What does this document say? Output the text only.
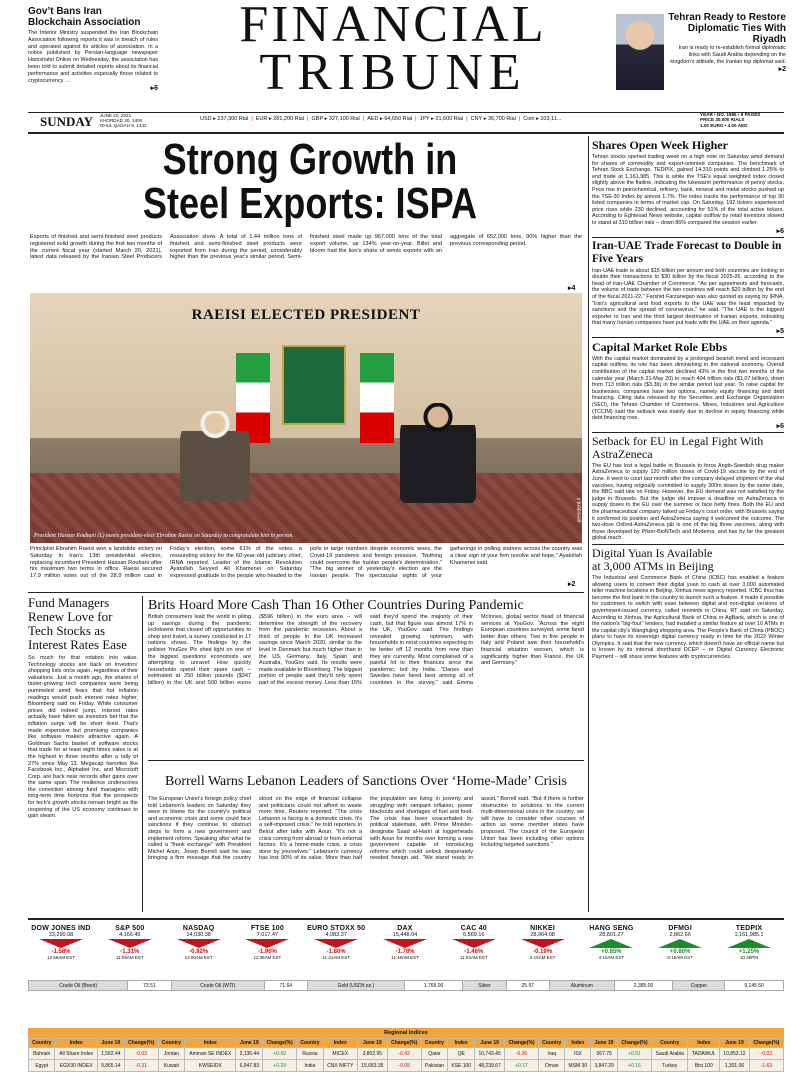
Gov’t Bans Iran Blockchain Association
The Interior Ministry suspended the Iran Blockchain Association following reports it was in breach of rules and operated against its articles of association. In a notice published by Persian-language newspaper Hamshahri Online on Wednesday, the association has been told to submit detailed reports about its financial performance and activities especially those related to cryptocurrency ...
▸6
FINANCIAL
TRIBUNE
Tehran Ready to Restore Diplomatic Ties With Riyadh
Iran is ready to re-establish formal diplomatic links with Saudi Arabia depending on the kingdom’s attitude, the Iranian top diplomat said.
▸2
SUNDAY JUNE 20, 2021
KHORDAD 30, 1400
DHUL QADAH 9, 1442
USD ▸ 237,300 Rial | EUR ▸ 281,200 Rial | GBP ▸ 327,100 Rial | AED ▸ 64,650 Rial | JPY ▸ 21,600 Rial | CNY ▸ 36,700 Rial | Coin ▸ 103,11...
YEAR • NO. 1986 • 8 PAGES
PRICE 30,000 RIALS
1.00 EURO • 4.00 AED
Strong Growth in
Steel Exports: ISPA
Exports of finished and semi-finished steel products registered solid growth during the first two months of the current fiscal year (started March 20, 2021), latest data released by the Iranian Steel Producers Association show. A total of 1.44 million tons of finished and semi-finished steel products were exported from Iran during the period, considerably higher than the previous year's similar period. Semi-finished steel made up 967,000 tons of the total export volume, up 134% year-on-year. Billet and bloom had the lion's share of semis exports with an aggregate of 652,000 tons, 90% higher than the previous corresponding period.
▸4
RAEISI ELECTED PRESIDENT
President Hassan Rouhani (L) meets president-elect Ebrahim Raeisi on Saturday to congratulate him in person.
president.ir
Principlist Ebrahim Raeisi won a landslide victory on Saturday in Iran's 13th presidential election, replacing incumbent President Hassan Rouhani after his maximum two terms in office. Raeisi secured 17.9 million votes out of the 28.9 million cast in Friday's election, some 61% of the votes, a resounding victory for the 60-year-old judiciary chief, IRNA reported. Leader of the Islamic Revolution Ayatollah Seyyed Ali Khamenei on Saturday expressed gratitude to the people who headed to the polls in large numbers despite economic woes, the Covid-19 pandemic and foreign pressure. "Nothing could overcome the Iranian people's determination." "The big winner of yesterday's election are the Iranian people. The spectacular sights of your gatherings in polling stations across the country was a clear sign of your firm resolve and hope," Ayatollah Khamenei said.
▸2
Fund Managers Renew Love for Tech Stocks as Interest Rates Ease
So much for that rotation into value. Technology stocks are back on investors' shopping lists once again, regardless of their valuations. Just a month ago, the shares of faster-growing tech companies were being pummeled amid fears that hot inflation readings would push interest rates higher, Bloomberg said on Friday. While consumer prices did indeed jump, interest rates actually have fallen as investors bet that the inflation surge will be short lived. That's made expensive but promising companies like software makers attractive again. A Goldman Sachs basket of software stocks that trade for at least eight times sales is at the highest in three months after a rally of 27% since May 13. Megacap favorites like Facebook Inc., Alphabet Inc. and Microsoft Corp. are back near records after gains over the same span. The resilience underscores the conviction among fund managers with long-term time horizons that the prospects for tech's growth stocks remain bright as the reopening of the US economy continues to gain steam.
Brits Hoard More Cash Than 16 Other Countries During Pandemic
British consumers lead the world in piling up savings during the pandemic lockdowns that closed off opportunities to shop and travel, a survey conducted in 17 nations shows. The findings by the pollster YouGov Plc shed light on one of the biggest questions economists are attempting to unravel: How quickly households spend their spare cash -- estimated at 250 billion pounds ($347 billion) in the UK and 500 billion euros ($596 billion) in the euro area -- will determine the strength of the recovery from the pandemic recession. About a third of people in the UK increased savings since March 2020, similar to the level in Denmark but much higher than in the US, Germany, Italy, Spain and Australia, YouGov said. Its results were made available to Bloomberg. The biggest portion of people said they'd only spent part of the excess money. Less than 15% said they'd spend the majority of their cash, but that figure was almost 17% in the UK, YouGov said. The findings revealed growing optimism, with households in most countries expecting to be better off 12 months from now than they are currently. Most complained of a painful hit to their finances since the pandemic, led by India. "Danes and Swedes have fared best among all of countries in the survey," said Emma McInnes, global sector head of financial services at YouGov. "Across the eight European countries surveyed, some fared better than others. Two in five people in Italy and Poland saw their household's financial situation worsen, which is significantly higher than France, the UK and Germany."
Borrell Warns Lebanon Leaders of Sanctions Over ‘Home-Made’ Crisis
The European Union's foreign policy chief told Lebanon's leaders on Saturday they were to blame for the country's political and economic crisis and some could face sanctions if they continue to obstruct steps to form a new government and implement reform. Speaking after what he called a "frank exchange" with President Michel Aoun, Josep Borrell said he was bringing a firm message that the country stood on the edge of financial collapse and politicians could not afford to waste more time, Reuters reported. "The crisis Lebanon is facing is a domestic crisis. It's a self-imposed crisis," he told reporters in Beirut after talks with Aoun. "It's not a crisis coming from abroad or from external factors. It's a home-made crisis, a crisis done by yourselves." Lebanon's currency has lost 90% of its value. More than half the population are living in poverty and struggling with rampant inflation, power blackouts and shortages of fuel and food. The crisis has been exacerbated by political stalemate, with Prime Minister-designate Saad al-Hariri at loggerheads with Aoun for months over forming a new government capable of introducing reforms which could unlock desperately needed foreign aid. "We stand ready to assist," Borrell said. "But if there is further obstruction to solutions to the current multi-dimensional crisis in the country, we will have to consider other courses of action as some member states have proposed. The council of the European Union has been including other options including targeted sanctions."
Shares Open Week Higher
Tehran stocks opened trading week on a high note on Saturday amid demand for shares of commodity and export-oriented companies. The benchmark of Tehran Stock Exchange, TEDPIX, gained 14,310 points and climbed 1.25% to end trade at 1,161,985. This is while the TSE's equal weighted index closed slightly above the flatline, indicating the lukewarm performance of penny stocks. Price rise in petrochemical, refinery, bank, mineral and metal stocks pushed up the TSE-30 Index by almost 1.7%. The index tracks the performance of top 30 listed companies in terms of market cap. On Saturday, 192 tickers experienced price rises while 230 declined, accounting for 51% of the total active tickers. According to Eghtesad News website, capital outflow by retail investors slowed to stand at 310 billion rials -- down 86% compared the session earlier.
▸6
Iran-UAE Trade Forecast to Double in Five Years
Iran-UAE trade is about $15 billion per annum and both countries are looking to double their transactions to $30 billion by the fiscal 2025-26, according to the head of Iran-UAE Chamber of Commerce. "As per agreements and forecasts, the volume of trade between the two countries will reach $20 billion by the end of the fiscal 2021-22," Farshid Farzanegan was also quoted as saying by IRNA. "Iran's agricultural and food exports to the UAE was the least impacted by sanctions and the spread of coronavirus," he said. "The UAE is the biggest exporter to Iran and the third largest destination of Iranian exports, indicating that many Iranian companies have put trade with the UAE on their agenda."
▸5
Capital Market Role Ebbs
With the capital market dominated by a prolonged bearish trend and incessant capital outflow, its role has been diminishing in the national economy. Overall contribution of the capital market declined 43% in the first two months of the calendar year (March 21-May 20) to reach 404 trillion rials ($1.07 billion), down from 713 trillion rials ($3.3b) in the similar period last year. To raise capital for businesses, companies have two options, namely equity financing and debt financing. Citing data released by the Securities and Exchange Organization (SEO), the Tehran Chamber of Commerce, Mines, Industries and Agriculture (TCCIM) said the setback was mainly due to decline in equity financing while debt financing rose.
▸6
Setback for EU in Legal Fight With AstraZeneca
The EU has lost a legal battle in Brussels to force Anglo-Swedish drug maker AstraZeneca to supply 120 million doses of Covid-19 vaccine by the end of June. It went to court last month after the company delayed shipment of the vital vaccines, having originally committed to supply 300m doses by the same date, the BBC said late on Friday. However, the EU demand was not satisfied by the judge in Brussels. But the judge did impose a deadline on AstraZeneca to supply doses to the EU over the summer or face hefty fines. Both the EU and the pharmaceutical company talked up Friday's court order, with Brussels saying it confirmed its position and AstraZeneca saying it welcomed the outcome. The two-dose Oxford-AstraZeneca jab is one of the big three vaccines, along with those developed by Pfizer-BioNTech and Moderna, and has by far the greatest global reach.
Digital Yuan Is Available
at 3,000 ATMs in Beijing
The Industrial and Commerce Bank of China (ICBC) has enabled a feature allowing users to convert their digital yuan to cash at over 3,000 automated teller machine locations in Beijing, Xinhua news agency reported. ICBC thus has become the first bank in the country to launch such a feature. It made it possible for customers to switch with ease between digital and non-digital versions of government-issued currency, called renminbi in China, RT said on Saturday. According to Xinhua, the Agricultural Bank of China or AgBank, which is one of the nation's "big-four" lenders, had installed a similar feature at over 10 ATMs in the capital city's Wangfujing shopping area. The People's Bank of China (PBOC) plans to have its sovereign digital currency ready in time for the 2022 Winter Olympics. It said that the new currency, which doesn't have an official name but is known by its internal shorthand DCEP -- or Digital Currency Electronic Payment -- will share some features with cryptocurrencies.
DOW JONES IND
33,290.08
-1.58%
12:58AM EST
S&P 500
4,166.45
-1.31%
11:59AM EST
NASDAQ
14,030.38
-0.92%
12:00AM EST
FTSE 100
7,017.47
-1.90%
11:35AM EST
EURO STOXX 50
4,083.37
-1.80%
11:31AM EST
DAX
15,448.04
-1.78%
11:46AM EST
CAC 40
6,569.16
-1.46%
11:53AM EST
NIKKEI
28,964.08
-0.19%
2:15AM EST
HANG SENG
28,801.27
+0.85%
4:10AM EST
DFMGI
2,862.66
+0.80%
6:15AM EST
TEDPIX
1,161,985.1
+1.25%
10:48PM
Crude Oil (Brent)	73.51	Crude Oil (WTI)	71.64	Gold (USD/t.oz.)	1,769.00	Silver	25.97	Aluminum	2,385.00	Copper	9,145.50
Regional Indices
Country	Index	June 19	Change(%)	Country	Index	June 19	Change(%)	Country	Index	June 19	Change(%)	Country	Index	June 19	Change(%)	Country	Index	June 19	Change(%)	Country	Index	June 19	Change(%)
Bahrain	All Share Index	1,562.44	-0.03	Jordan	Amman SE INDEX	2,136.44	+0.60	Russia	MICEX	3,802.95	-0.42	Qatar	QE	10,743.45	-0.36	Iraq	ISX	567.76	+0.51	Saudi Arabia	TADAWUL	10,853.12	-0.03
Egypt	EGX30 INDEX	9,865.14	-0.31	Kuwait	KWSEIDX	6,947.83	+0.29	India	CNX NIFTY	15,683.35	-0.05	Pakistan	KSE 100	48,239.67	+0.17	Oman	MSM 30	3,847.29	+0.16	Turkey	Bist 100	1,301.06	-1.63
